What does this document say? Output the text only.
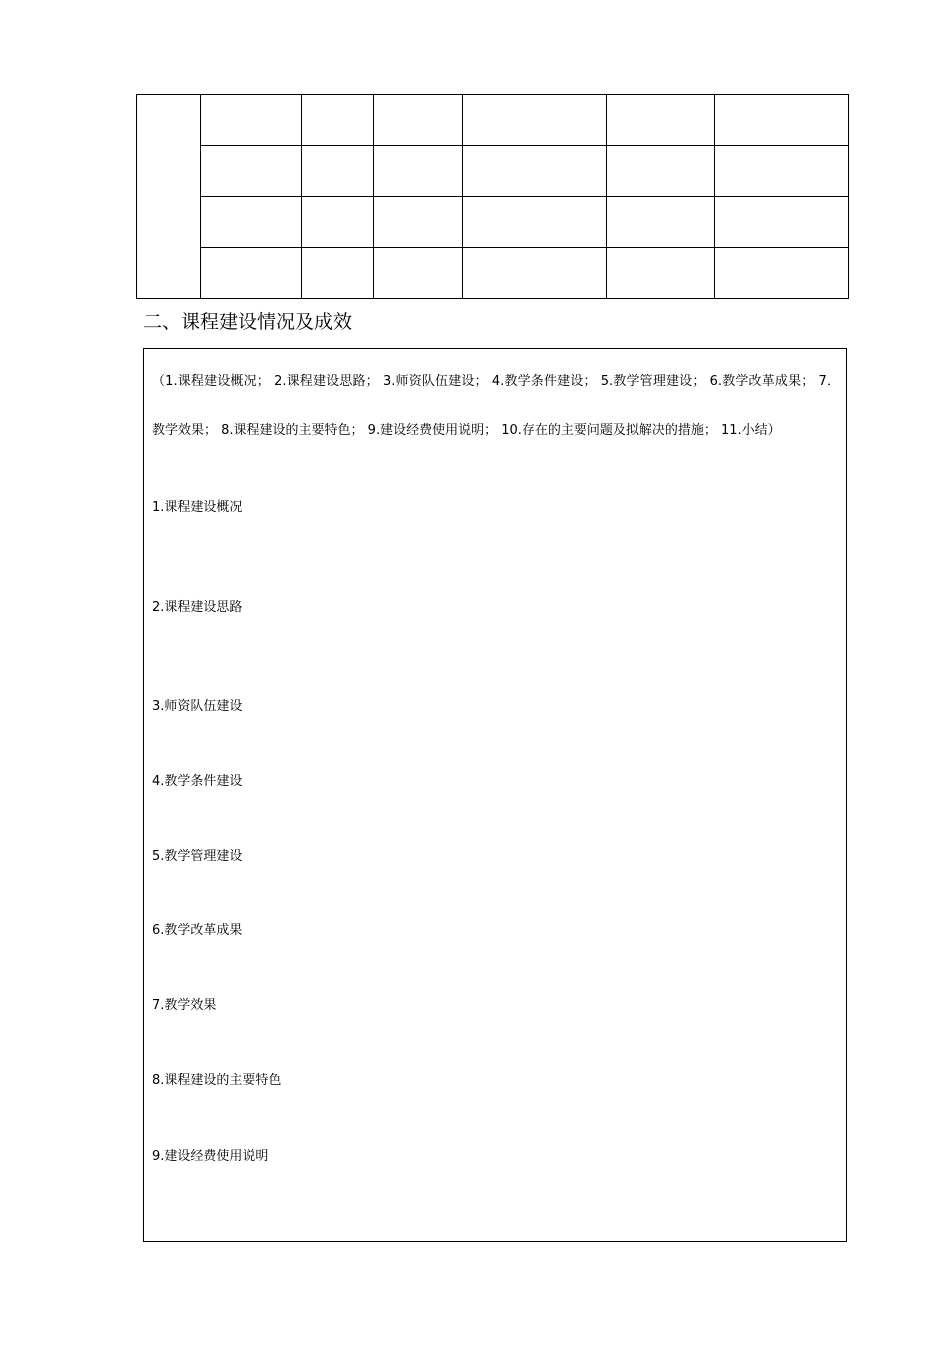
二、课程建设情况及成效
（1.课程建设概况； 2.课程建设思路； 3.师资队伍建设； 4.教学条件建设； 5.教学管理建设； 6.教学改革成果； 7．教学效果； 8.课程建设的主要特色； 9.建设经费使用说明； 10.存在的主要问题及拟解决的措施； 11.小结）
1.课程建设概况
2.课程建设思路
3.师资队伍建设
4.教学条件建设
5.教学管理建设
6.教学改革成果
7.教学效果
8.课程建设的主要特色
9.建设经费使用说明
